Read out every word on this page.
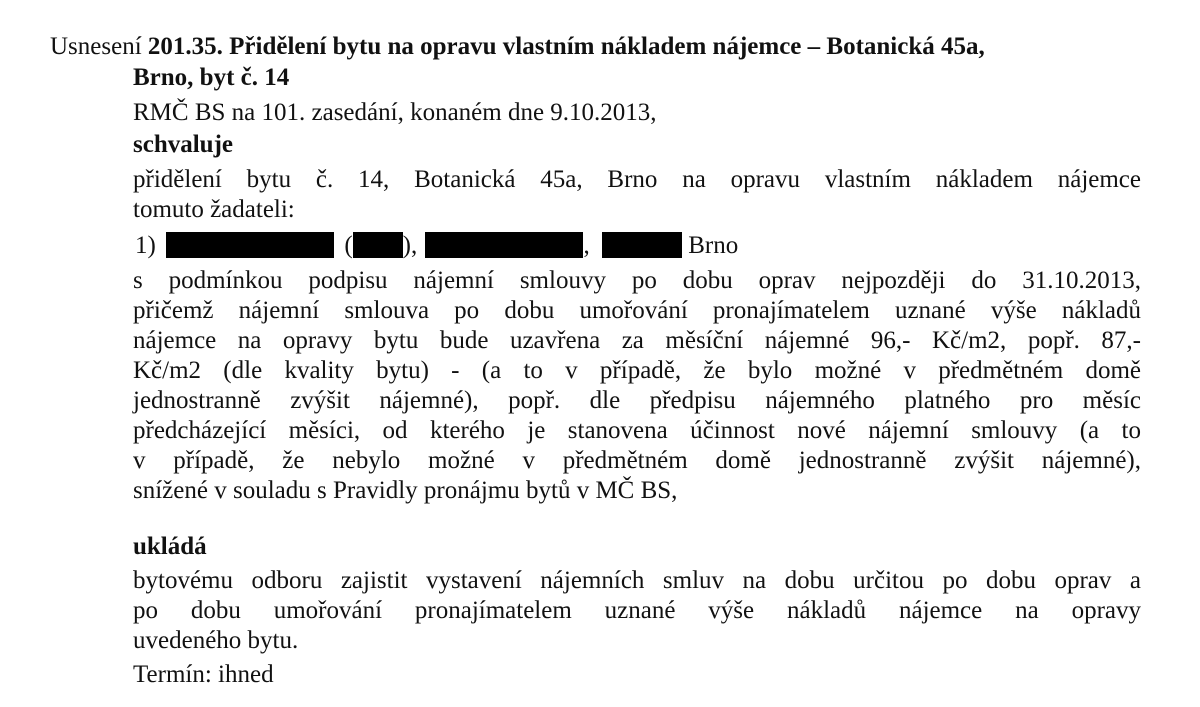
Usnesení 201.35. Přidělení bytu na opravu vlastním nákladem nájemce – Botanická 45a,
Brno, byt č. 14
RMČ BS na 101. zasedání, konaném dne 9.10.2013,
schvaluje
přidělení bytu č. 14, Botanická 45a, Brno na opravu vlastním nákladem nájemce
tomuto žadateli:
1)	( ),	,	Brno
s podmínkou podpisu nájemní smlouvy po dobu oprav nejpozději do 31.10.2013,
přičemž nájemní smlouva po dobu umořování pronajímatelem uznané výše nákladů
nájemce na opravy bytu bude uzavřena za měsíční nájemné 96,- Kč/m2, popř. 87,-
Kč/m2 (dle kvality bytu) - (a to v případě, že bylo možné v předmětném domě
jednostranně zvýšit nájemné), popř. dle předpisu nájemného platného pro měsíc
předcházející měsíci, od kterého je stanovena účinnost nové nájemní smlouvy (a to
v případě, že nebylo možné v předmětném domě jednostranně zvýšit nájemné),
snížené v souladu s Pravidly pronájmu bytů v MČ BS,
ukládá
bytovému odboru zajistit vystavení nájemních smluv na dobu určitou po dobu oprav a
po dobu umořování pronajímatelem uznané výše nákladů nájemce na opravy
uvedeného bytu.
Termín: ihned
